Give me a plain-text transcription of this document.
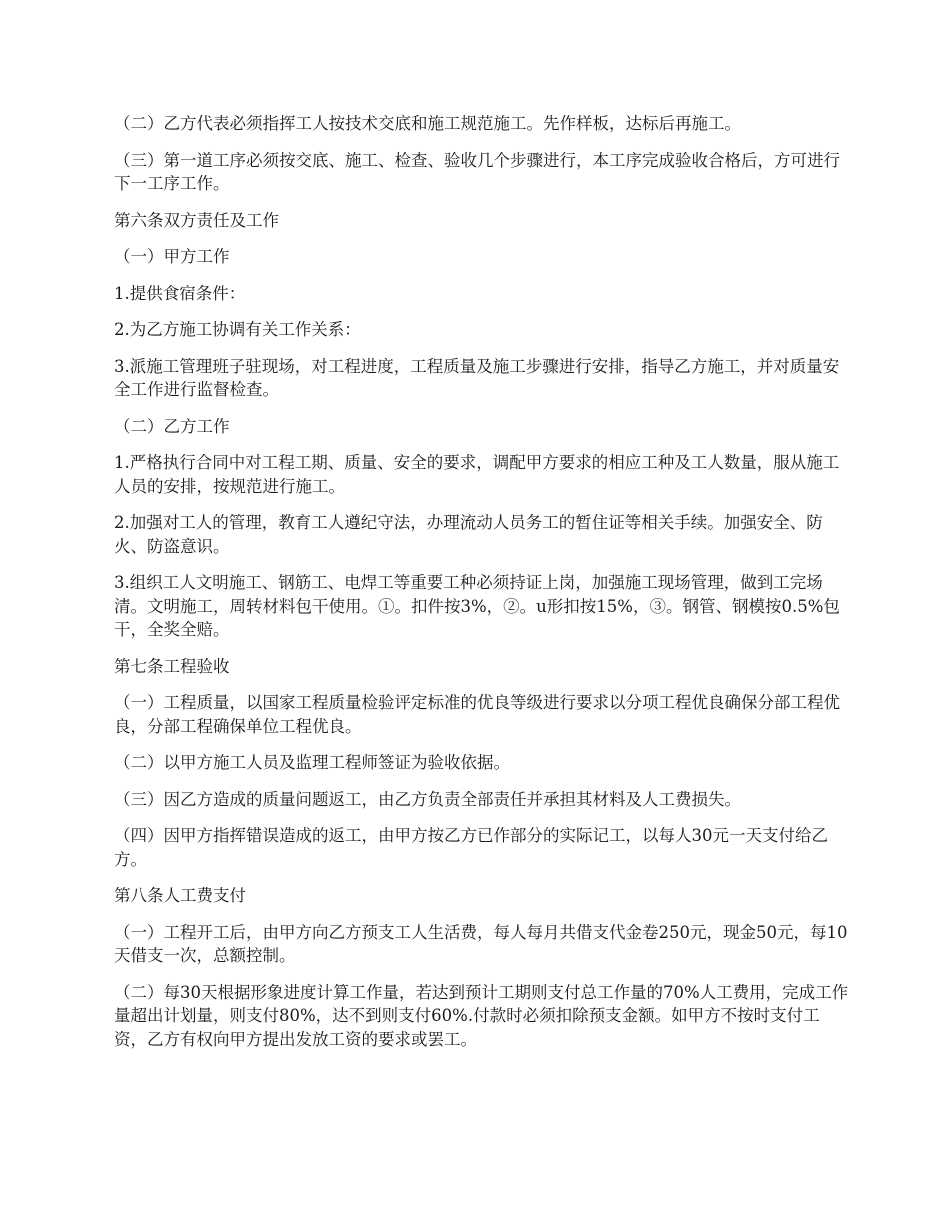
（二）乙方代表必须指挥工人按技术交底和施工规范施工。先作样板，达标后再施工。

（三）第一道工序必须按交底、施工、检查、验收几个步骤进行，本工序完成验收合格后，方可进行下一工序工作。

第六条双方责任及工作

（一）甲方工作

1.提供食宿条件：

2.为乙方施工协调有关工作关系：

3.派施工管理班子驻现场，对工程进度，工程质量及施工步骤进行安排，指导乙方施工，并对质量安全工作进行监督检查。

（二）乙方工作

1.严格执行合同中对工程工期、质量、安全的要求，调配甲方要求的相应工种及工人数量，服从施工人员的安排，按规范进行施工。

2.加强对工人的管理，教育工人遵纪守法，办理流动人员务工的暂住证等相关手续。加强安全、防火、防盗意识。

3.组织工人文明施工、钢筋工、电焊工等重要工种必须持证上岗，加强施工现场管理，做到工完场清。文明施工，周转材料包干使用。①。扣件按3%，②。u形扣按15%，③。钢管、钢模按0.5%包干，全奖全赔。

第七条工程验收

（一）工程质量，以国家工程质量检验评定标准的优良等级进行要求以分项工程优良确保分部工程优良，分部工程确保单位工程优良。

（二）以甲方施工人员及监理工程师签证为验收依据。

（三）因乙方造成的质量问题返工，由乙方负责全部责任并承担其材料及人工费损失。

（四）因甲方指挥错误造成的返工，由甲方按乙方已作部分的实际记工，以每人30元一天支付给乙方。

第八条人工费支付

（一）工程开工后，由甲方向乙方预支工人生活费，每人每月共借支代金卷250元，现金50元，每10天借支一次，总额控制。

（二）每30天根据形象进度计算工作量，若达到预计工期则支付总工作量的70%人工费用，完成工作量超出计划量，则支付80%，达不到则支付60%.付款时必须扣除预支金额。如甲方不按时支付工资，乙方有权向甲方提出发放工资的要求或罢工。
